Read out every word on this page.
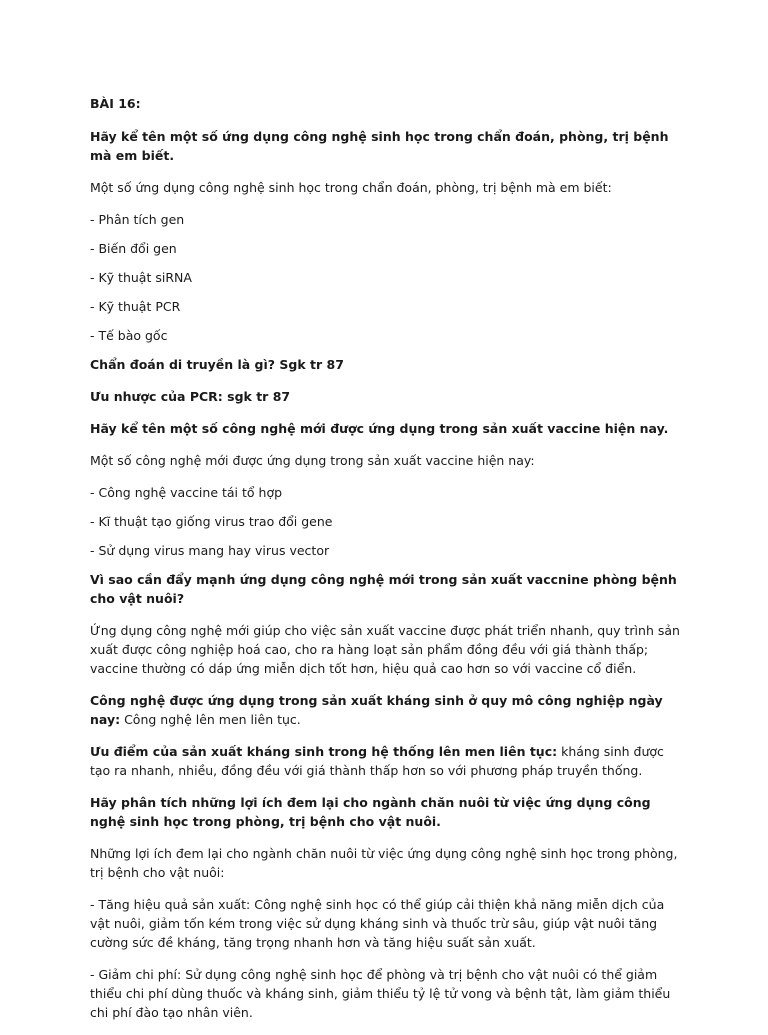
BÀI 16:

Hãy kể tên một số ứng dụng công nghệ sinh học trong chẩn đoán, phòng, trị bệnh mà em biết.

Một số ứng dụng công nghệ sinh học trong chẩn đoán, phòng, trị bệnh mà em biết:

- Phân tích gen

- Biến đổi gen

- Kỹ thuật siRNA

- Kỹ thuật PCR

- Tế bào gốc

Chẩn đoán di truyền là gì? Sgk tr 87

Ưu nhược của PCR: sgk tr 87

Hãy kể tên một số công nghệ mới được ứng dụng trong sản xuất vaccine hiện nay.

Một số công nghệ mới được ứng dụng trong sản xuất vaccine hiện nay:

- Công nghệ vaccine tái tổ hợp

- Kĩ thuật tạo giống virus trao đổi gene

- Sử dụng virus mang hay virus vector

Vì sao cần đẩy mạnh ứng dụng công nghệ mới trong sản xuất vaccnine phòng bệnh cho vật nuôi?

Ứng dụng công nghệ mới giúp cho việc sản xuất vaccine được phát triển nhanh, quy trình sản xuất được công nghiệp hoá cao, cho ra hàng loạt sản phẩm đồng đều với giá thành thấp; vaccine thường có dáp ứng miễn dịch tốt hơn, hiệu quả cao hơn so với vaccine cổ điển.

Công nghệ được ứng dụng trong sản xuất kháng sinh ở quy mô công nghiệp ngày nay: Công nghệ lên men liên tục.

Ưu điểm của sản xuất kháng sinh trong hệ thống lên men liên tục: kháng sinh được tạo ra nhanh, nhiều, đồng đều với giá thành thấp hơn so với phương pháp truyền thống.

Hãy phân tích những lợi ích đem lại cho ngành chăn nuôi từ việc ứng dụng công nghệ sinh học trong phòng, trị bệnh cho vật nuôi.

Những lợi ích đem lại cho ngành chăn nuôi từ việc ứng dụng công nghệ sinh học trong phòng, trị bệnh cho vật nuôi:

- Tăng hiệu quả sản xuất: Công nghệ sinh học có thể giúp cải thiện khả năng miễn dịch của vật nuôi, giảm tốn kém trong việc sử dụng kháng sinh và thuốc trừ sâu, giúp vật nuôi tăng cường sức đề kháng, tăng trọng nhanh hơn và tăng hiệu suất sản xuất.

- Giảm chi phí: Sử dụng công nghệ sinh học để phòng và trị bệnh cho vật nuôi có thể giảm thiểu chi phí dùng thuốc và kháng sinh, giảm thiểu tỷ lệ tử vong và bệnh tật, làm giảm thiểu chi phí đào tạo nhân viên.
